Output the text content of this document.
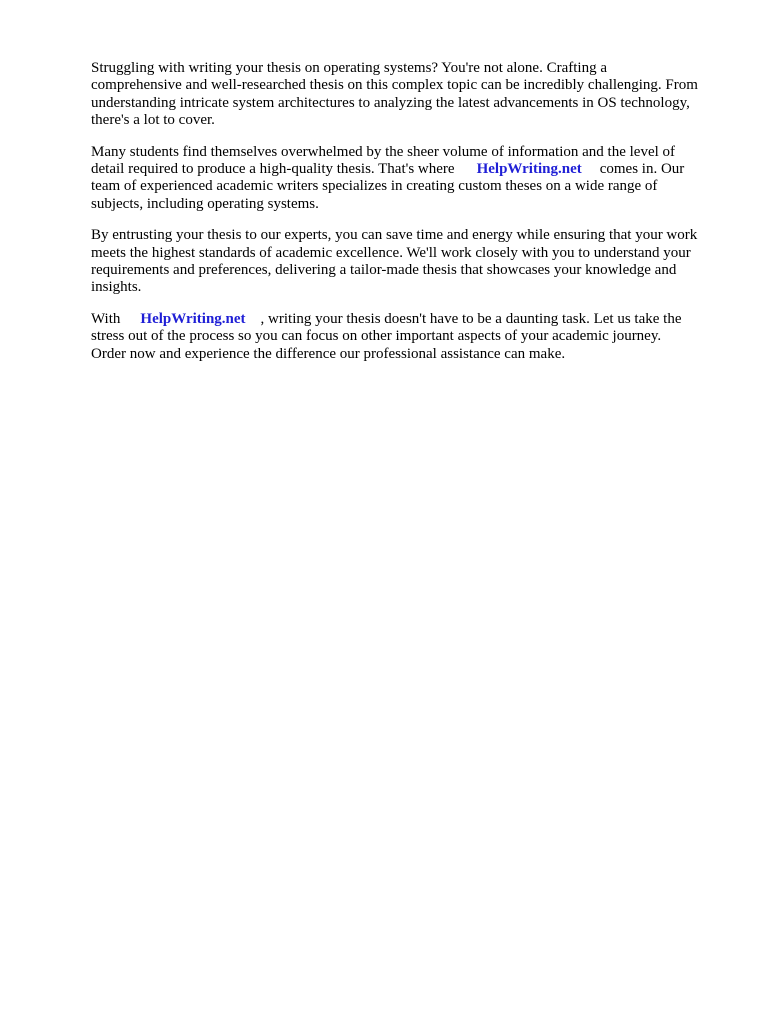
Struggling with writing your thesis on operating systems? You're not alone. Crafting a
comprehensive and well-researched thesis on this complex topic can be incredibly challenging. From
understanding intricate system architectures to analyzing the latest advancements in OS technology,
there's a lot to cover.

Many students find themselves overwhelmed by the sheer volume of information and the level of
detail required to produce a high-quality thesis. That's where HelpWriting.net comes in. Our
team of experienced academic writers specializes in creating custom theses on a wide range of
subjects, including operating systems.

By entrusting your thesis to our experts, you can save time and energy while ensuring that your work
meets the highest standards of academic excellence. We'll work closely with you to understand your
requirements and preferences, delivering a tailor-made thesis that showcases your knowledge and
insights.

With HelpWriting.net , writing your thesis doesn't have to be a daunting task. Let us take the
stress out of the process so you can focus on other important aspects of your academic journey.
Order now and experience the difference our professional assistance can make.
